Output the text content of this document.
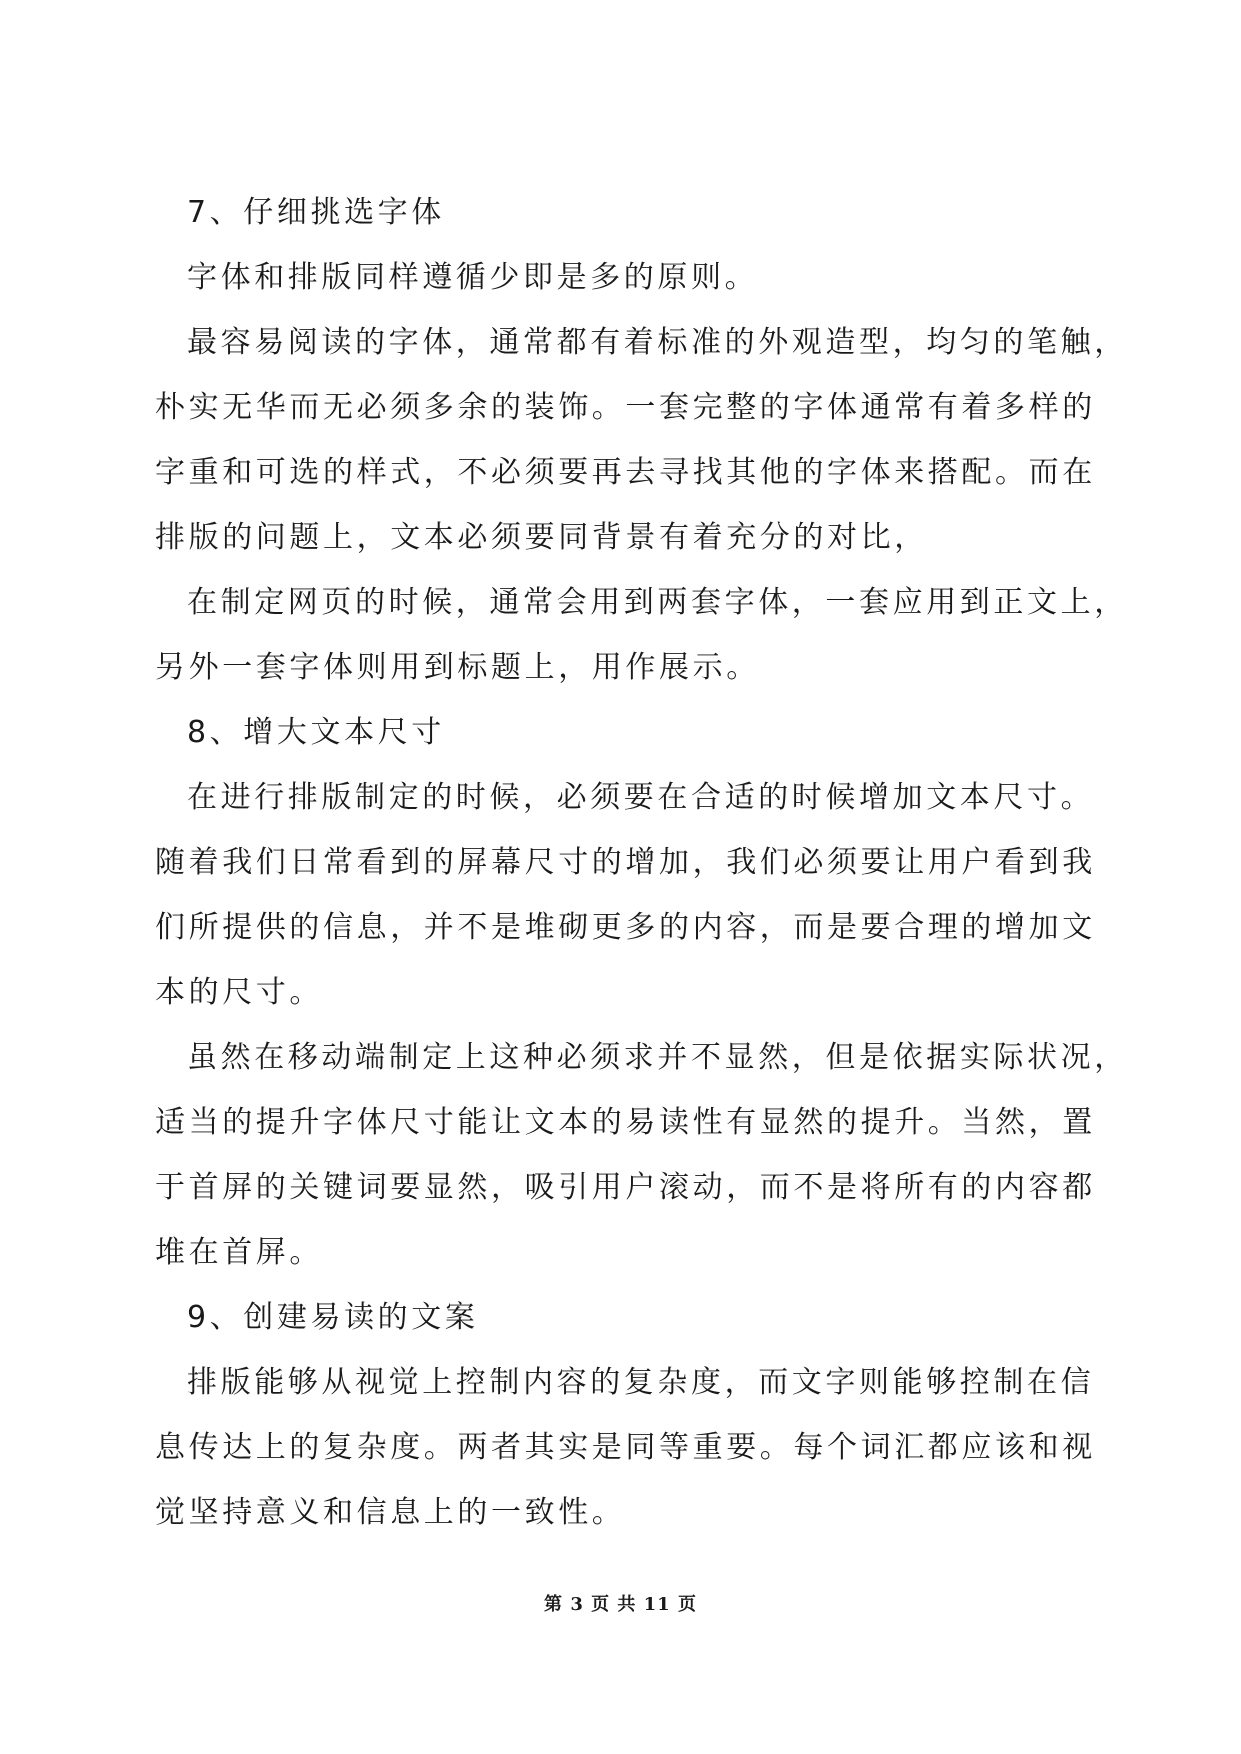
7、仔细挑选字体
字体和排版同样遵循少即是多的原则。
最容易阅读的字体，通常都有着标准的外观造型，均匀的笔触，
朴实无华而无必须多余的装饰。一套完整的字体通常有着多样的
字重和可选的样式，不必须要再去寻找其他的字体来搭配。而在
排版的问题上，文本必须要同背景有着充分的对比，
在制定网页的时候，通常会用到两套字体，一套应用到正文上，
另外一套字体则用到标题上，用作展示。
8、增大文本尺寸
在进行排版制定的时候，必须要在合适的时候增加文本尺寸。
随着我们日常看到的屏幕尺寸的增加，我们必须要让用户看到我
们所提供的信息，并不是堆砌更多的内容，而是要合理的增加文
本的尺寸。
虽然在移动端制定上这种必须求并不显然，但是依据实际状况，
适当的提升字体尺寸能让文本的易读性有显然的提升。当然，置
于首屏的关键词要显然，吸引用户滚动，而不是将所有的内容都
堆在首屏。
9、创建易读的文案
排版能够从视觉上控制内容的复杂度，而文字则能够控制在信
息传达上的复杂度。两者其实是同等重要。每个词汇都应该和视
觉坚持意义和信息上的一致性。
第 3 页 共 11 页
